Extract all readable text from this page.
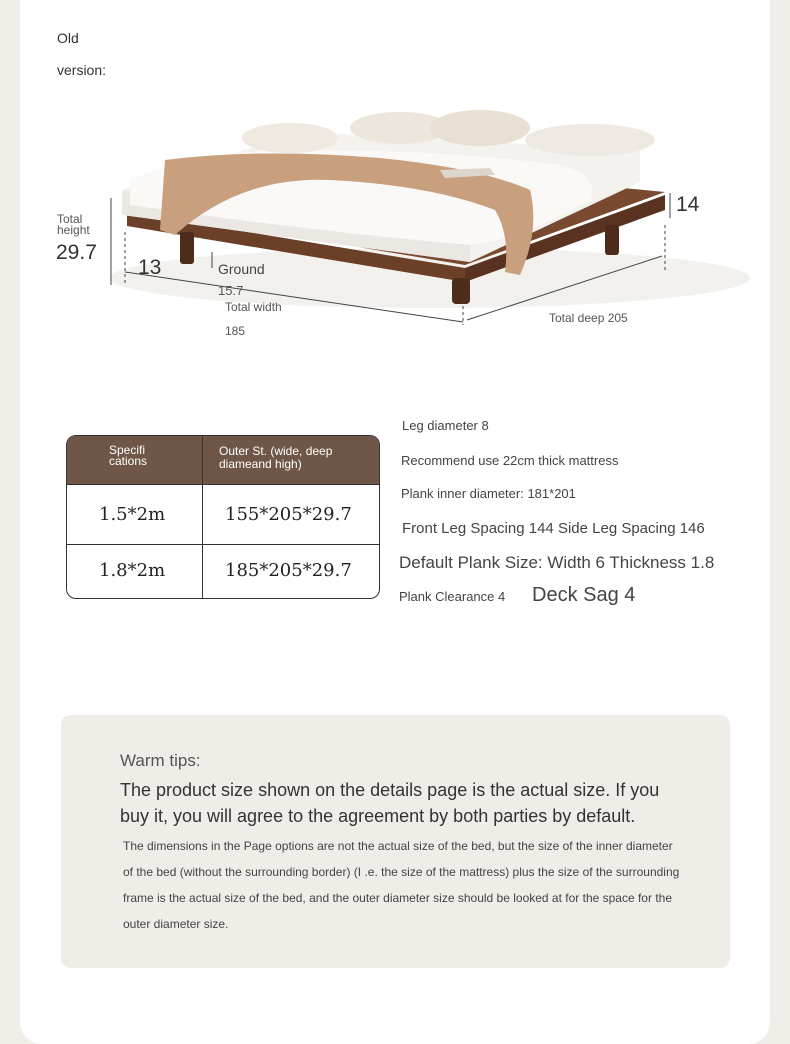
Old
version:
Total
height
29.7
13	Ground
15.7
14
Total width
185
Total deep 205
Specifi cations
Outer St. (wide, deep diameand high)
1.5*2m	155*205*29.7
1.8*2m	185*205*29.7
Leg diameter 8
Recommend use 22cm thick mattress
Plank inner diameter: 181*201
Front Leg Spacing 144 Side Leg Spacing 146
Default Plank Size: Width 6 Thickness 1.8
Plank Clearance 4 Deck Sag 4
Warm tips:
The product size shown on the details page is the actual size. If you buy it, you will agree to the agreement by both parties by default.
The dimensions in the Page options are not the actual size of the bed, but the size of the inner diameter of the bed (without the surrounding border) (I .e. the size of the mattress) plus the size of the surrounding frame is the actual size of the bed, and the outer diameter size should be looked at for the space for the outer diameter size.
